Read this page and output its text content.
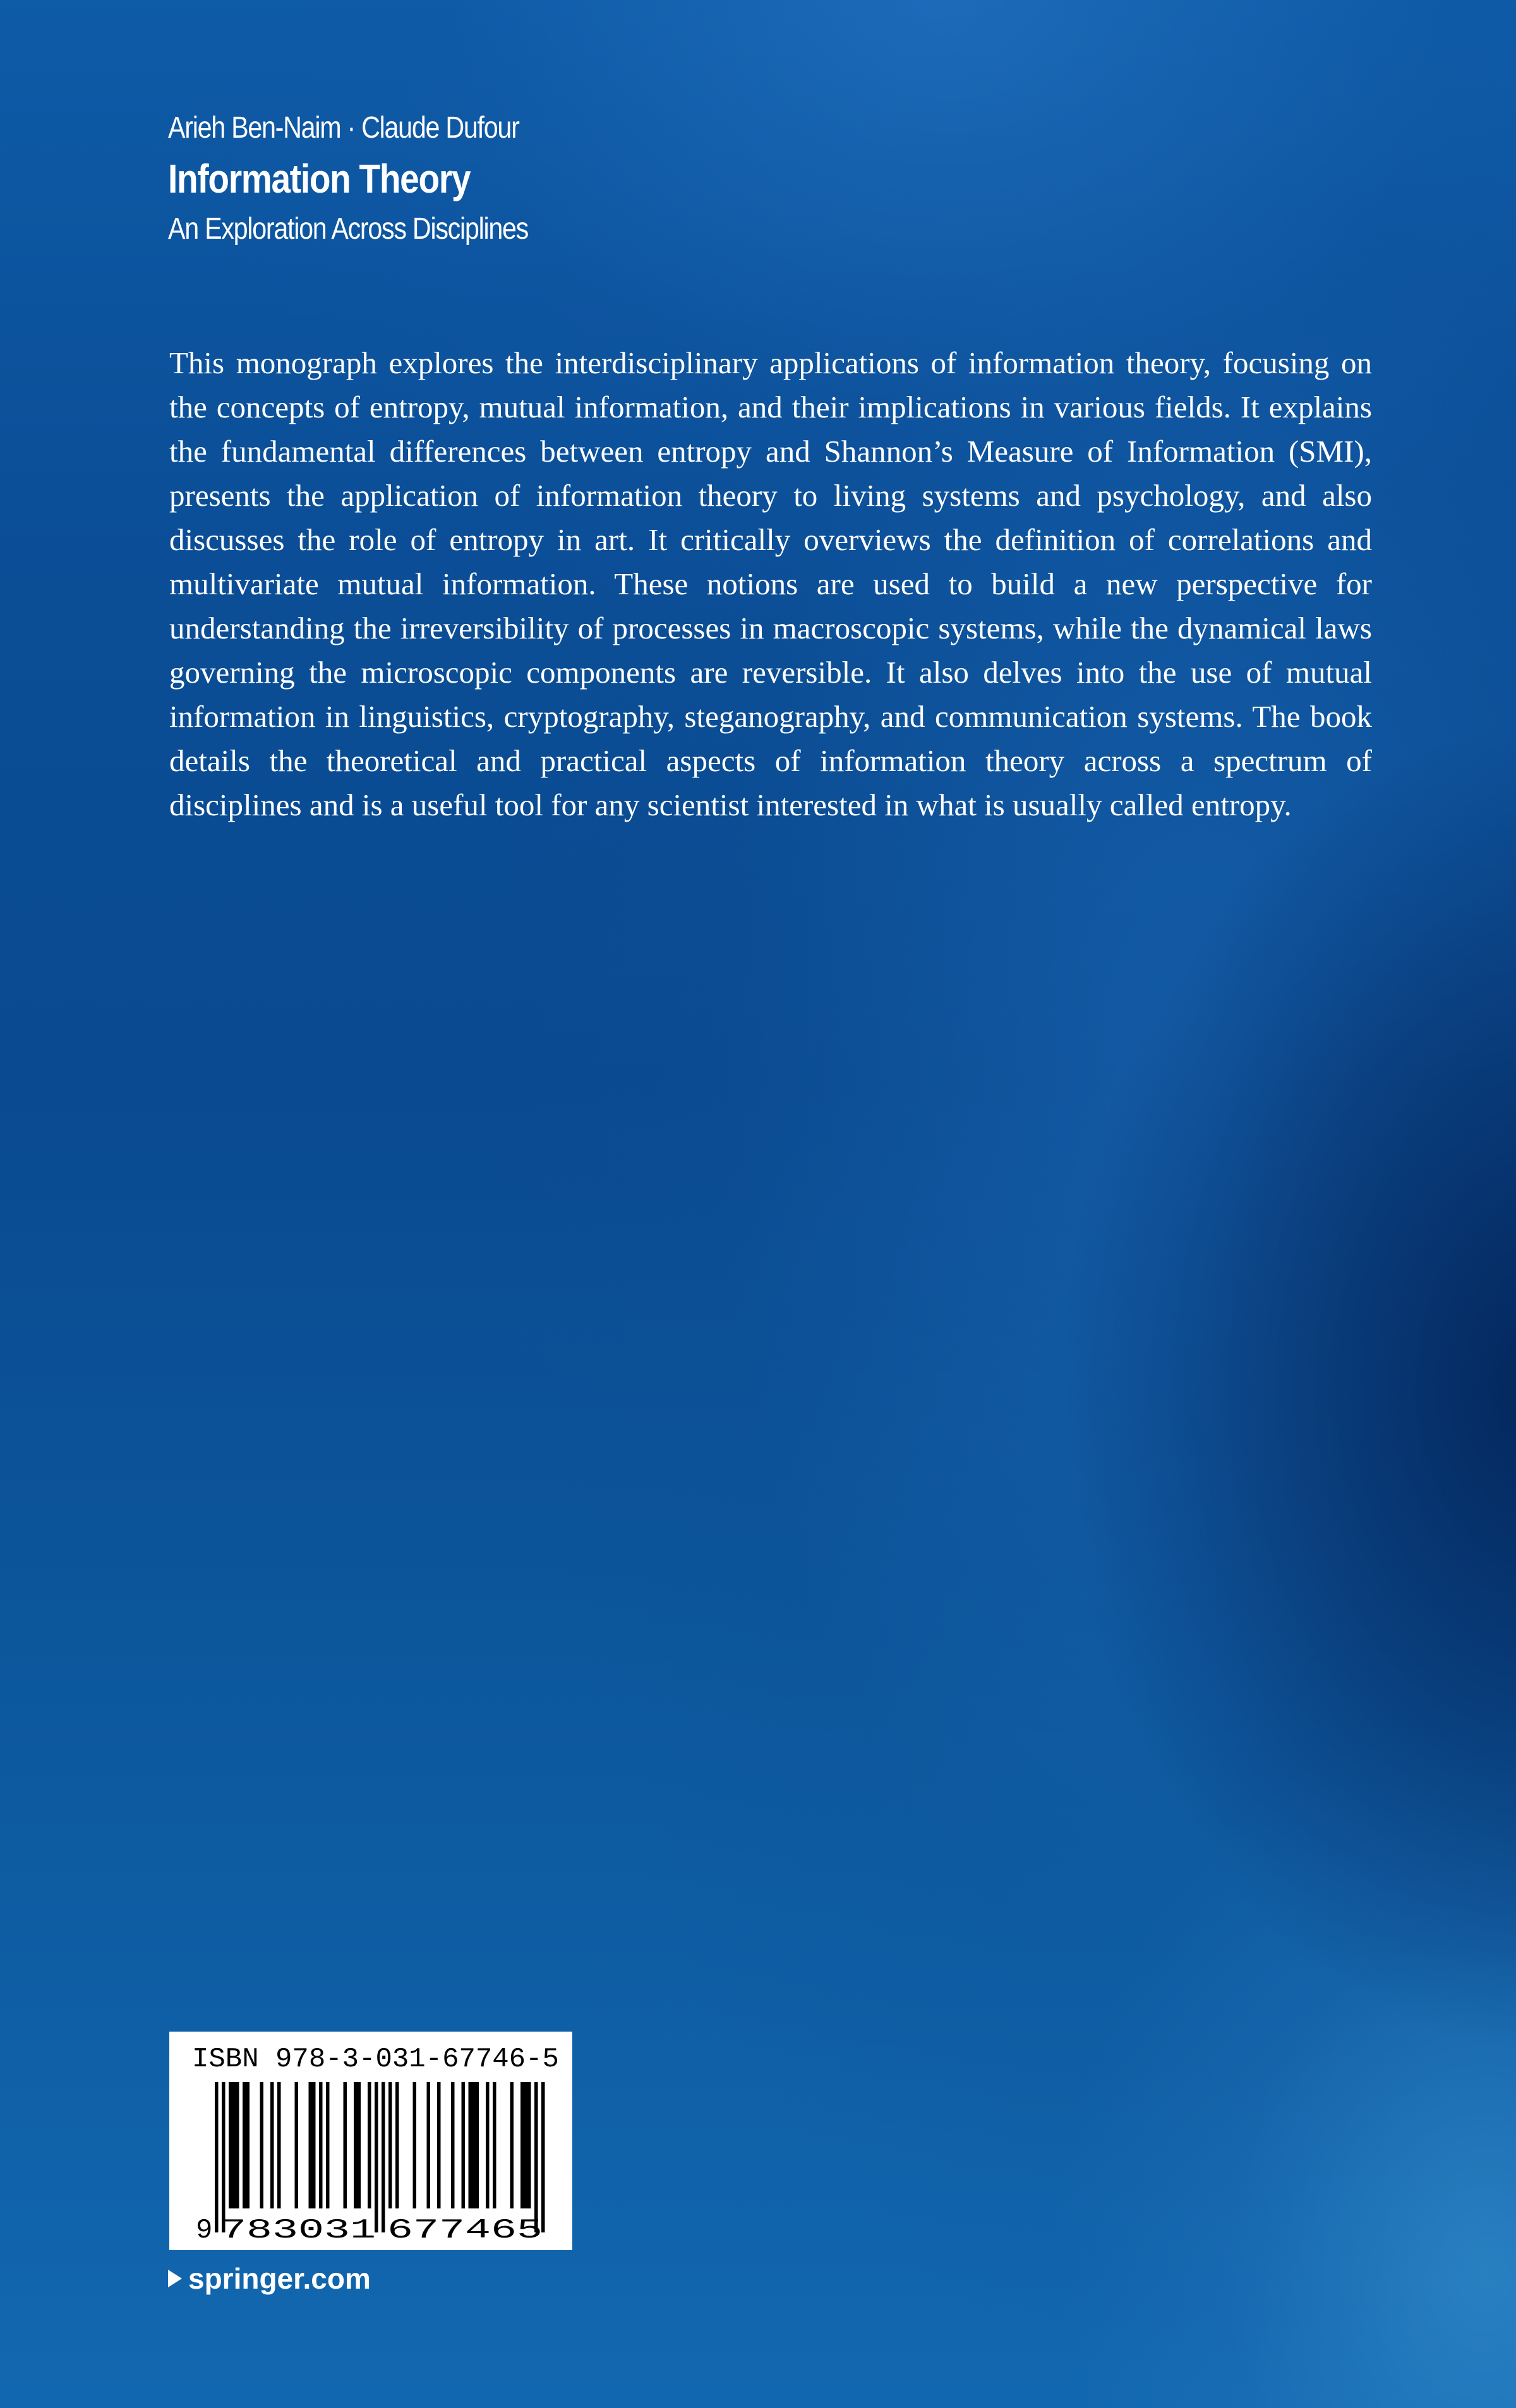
Arieh Ben-Naim · Claude Dufour
Information Theory
An Exploration Across Disciplines

This monograph explores the interdisciplinary applications of information theory, focusing on the concepts of entropy, mutual information, and their implications in various fields. It explains the fundamental differences between entropy and Shannon’s Measure of Information (SMI), presents the application of information theory to living systems and psychology, and also discusses the role of entropy in art. It critically overviews the definition of correlations and multivariate mutual information. These notions are used to build a new perspective for understanding the irreversibility of processes in macroscopic systems, while the dynamical laws governing the microscopic components are reversible. It also delves into the use of mutual information in linguistics, cryptography, steganography, and communication systems. The book details the theoretical and practical aspects of information theory across a spectrum of disciplines and is a useful tool for any scientist interested in what is usually called entropy.

ISBN 978-3-031-67746-5
9 783031 677465
springer.com
